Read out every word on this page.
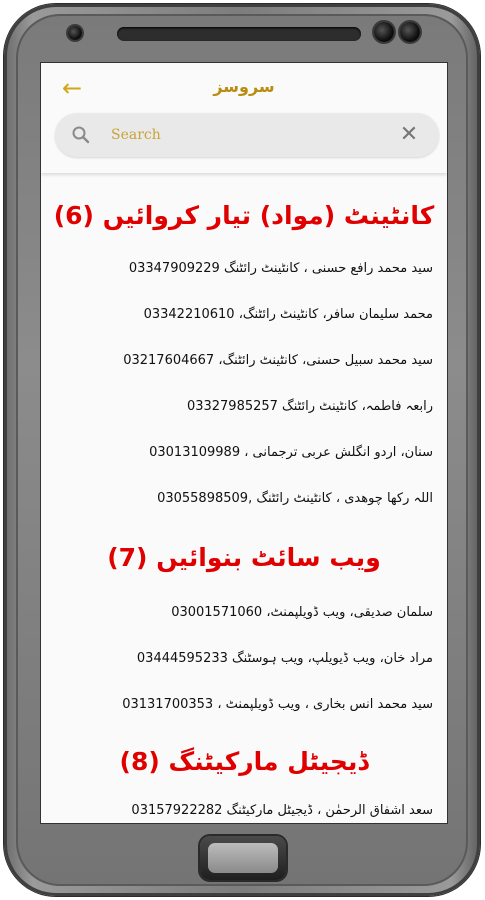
←	سروسز
Search
✕
(6) کانٹینٹ (مواد) تیار کروائیں
سید محمد رافع حسنی ، کانٹینٹ رائٹنگ 03347909229
محمد سلیمان سافر، کانٹینٹ رائٹنگ، 03342210610
سید محمد سبیل حسنی، کانٹینٹ رائٹنگ، 03217604667
رابعہ فاطمہ، کانٹینٹ رائٹنگ 03327985257
سنان، اردو انگلش عربی ترجمانی ، 03013109989
اللہ رکھا چوھدی ، کانٹینٹ رائٹنگ ,03055898509
(7) ویب سائٹ بنوائیں
سلمان صدیقی، ویب ڈویلپمنٹ، 03001571060
مراد خان، ویب ڈیویلپ، ویب ہوسٹنگ 03444595233
سید محمد انس بخاری ، ویب ڈویلپمنٹ ، 03131700353
(8) ڈیجیٹل مارکیٹنگ
سعد اشفاق الرحمٰن ، ڈیجیٹل مارکیٹنگ 03157922282
